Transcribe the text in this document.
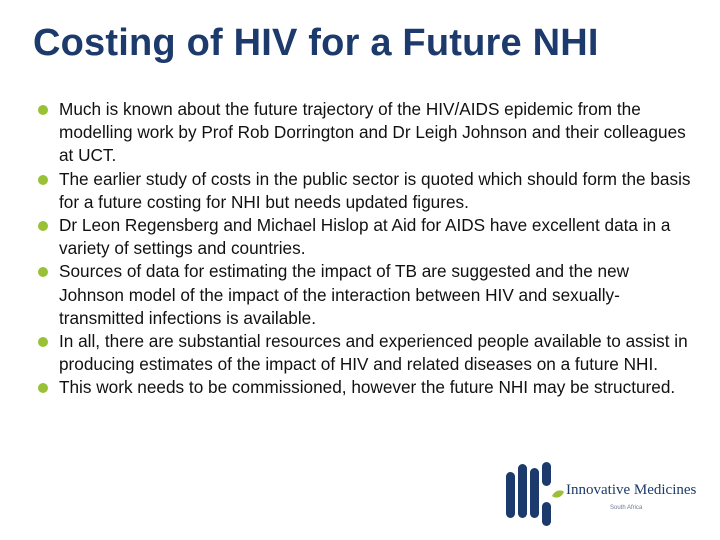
Costing of HIV for a Future NHI
Much is known about the future trajectory of the HIV/AIDS epidemic from the modelling work by Prof Rob Dorrington and Dr Leigh Johnson and their colleagues at UCT.
The earlier study of costs in the public sector is quoted which should form the basis for a future costing for NHI but needs updated figures.
Dr Leon Regensberg and Michael Hislop at Aid for AIDS have excellent data in a variety of settings and countries.
Sources of data for estimating the impact of TB are suggested and the new Johnson model of the impact of the interaction between HIV and sexually-transmitted infections is available.
In all, there are substantial resources and experienced people available to assist in producing estimates of the impact of HIV and related diseases on a future NHI.
This work needs to be commissioned, however the future NHI may be structured.
Innovative Medicines
South Africa
